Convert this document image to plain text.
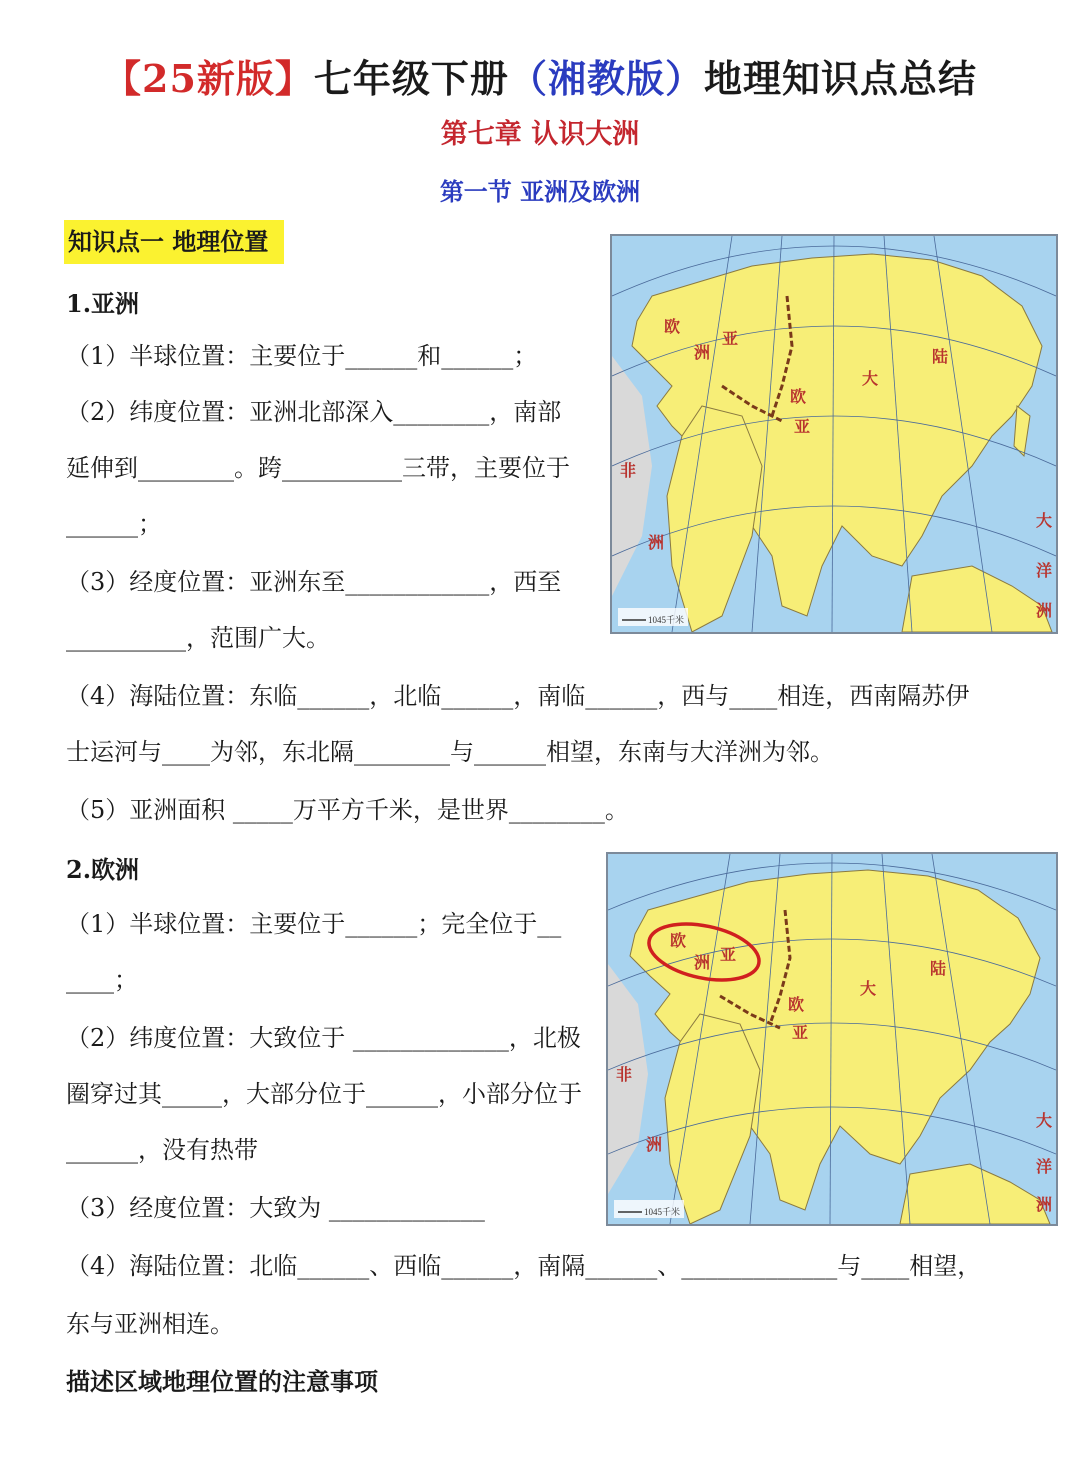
【25新版】七年级下册（湘教版）地理知识点总结
第七章 认识大洲
第一节 亚洲及欧洲
知识点一 地理位置
1.亚洲
（1）半球位置：主要位于______和______；
（2）纬度位置：亚洲北部深入________，南部
延伸到________。跨__________三带，主要位于
______；
（3）经度位置：亚洲东至____________，西至
__________，范围广大。
（4）海陆位置：东临______，北临______，南临______，西与____相连，西南隔苏伊
士运河与____为邻，东北隔________与______相望，东南与大洋洲为邻。
（5）亚洲面积 _____万平方千米，是世界________。
2.欧洲
（1）半球位置：主要位于______；完全位于__
____；
（2）纬度位置：大致位于 _____________，北极
圈穿过其_____，大部分位于______，小部分位于
______，没有热带
（3）经度位置：大致为 _____________
（4）海陆位置：北临______、西临______，南隔______、_____________与____相望，
东与亚洲相连。
描述区域地理位置的注意事项
欧
洲
亚
欧
亚
大
陆
非
洲
大
洋
洲
1045千米
欧
洲 亚
欧
亚
大
陆
非
洲
大
洋
洲
1045千米
